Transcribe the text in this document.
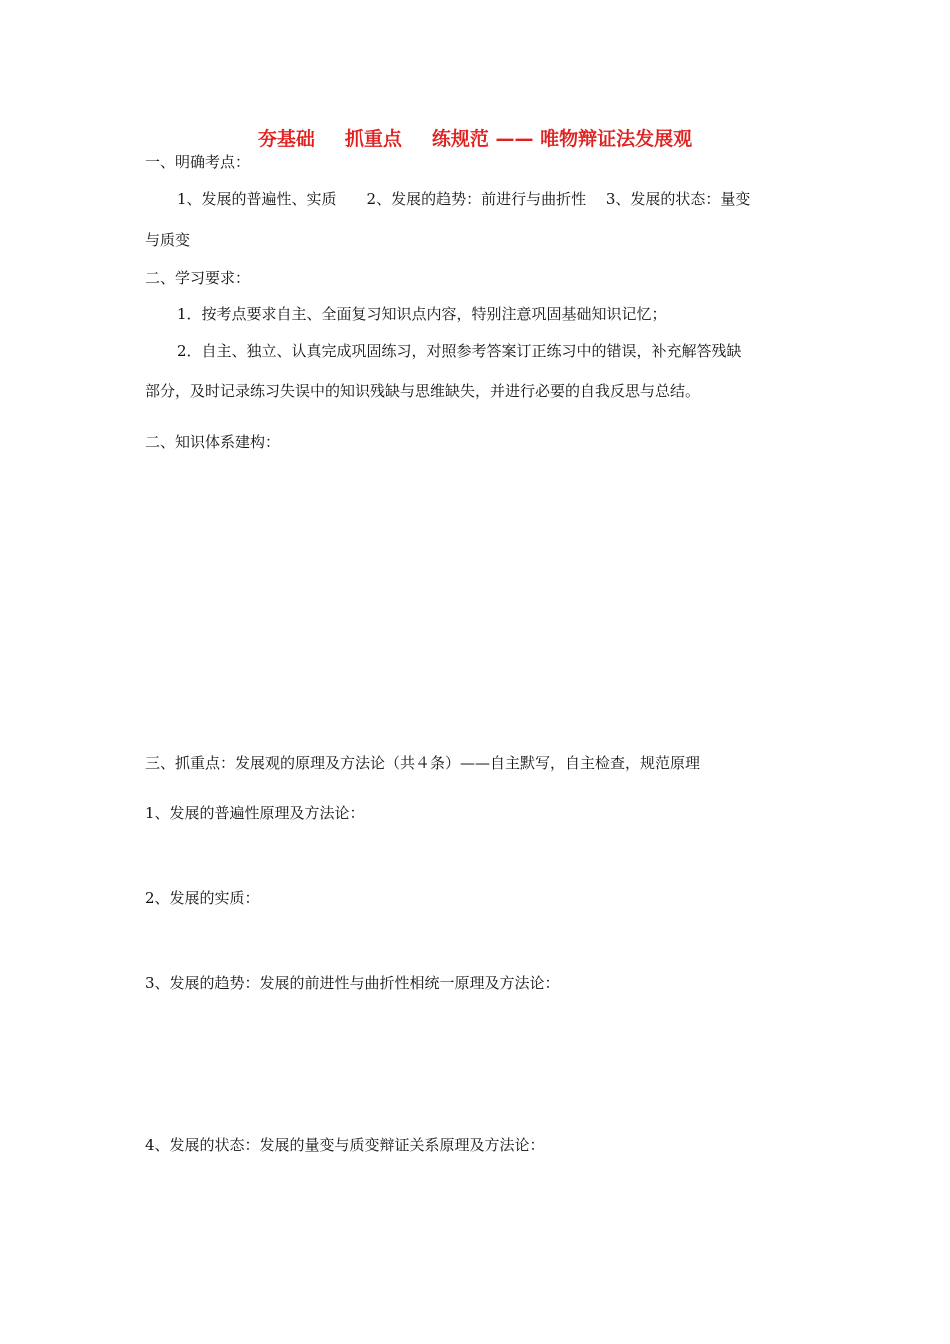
夯基础 抓重点 练规范 —— 唯物辩证法发展观
一、明确考点：
1、发展的普遍性、实质　　2、发展的趋势：前进行与曲折性　 3、发展的状态：量变
与质变
二、学习要求：
1．按考点要求自主、全面复习知识点内容，特别注意巩固基础知识记忆；
2．自主、独立、认真完成巩固练习，对照参考答案订正练习中的错误，补充解答残缺
部分，及时记录练习失误中的知识残缺与思维缺失，并进行必要的自我反思与总结。
二、知识体系建构：
三、抓重点：发展观的原理及方法论（共４条）——自主默写，自主检查，规范原理
1、发展的普遍性原理及方法论：
2、发展的实质：
3、发展的趋势：发展的前进性与曲折性相统一原理及方法论：
4、发展的状态：发展的量变与质变辩证关系原理及方法论：
